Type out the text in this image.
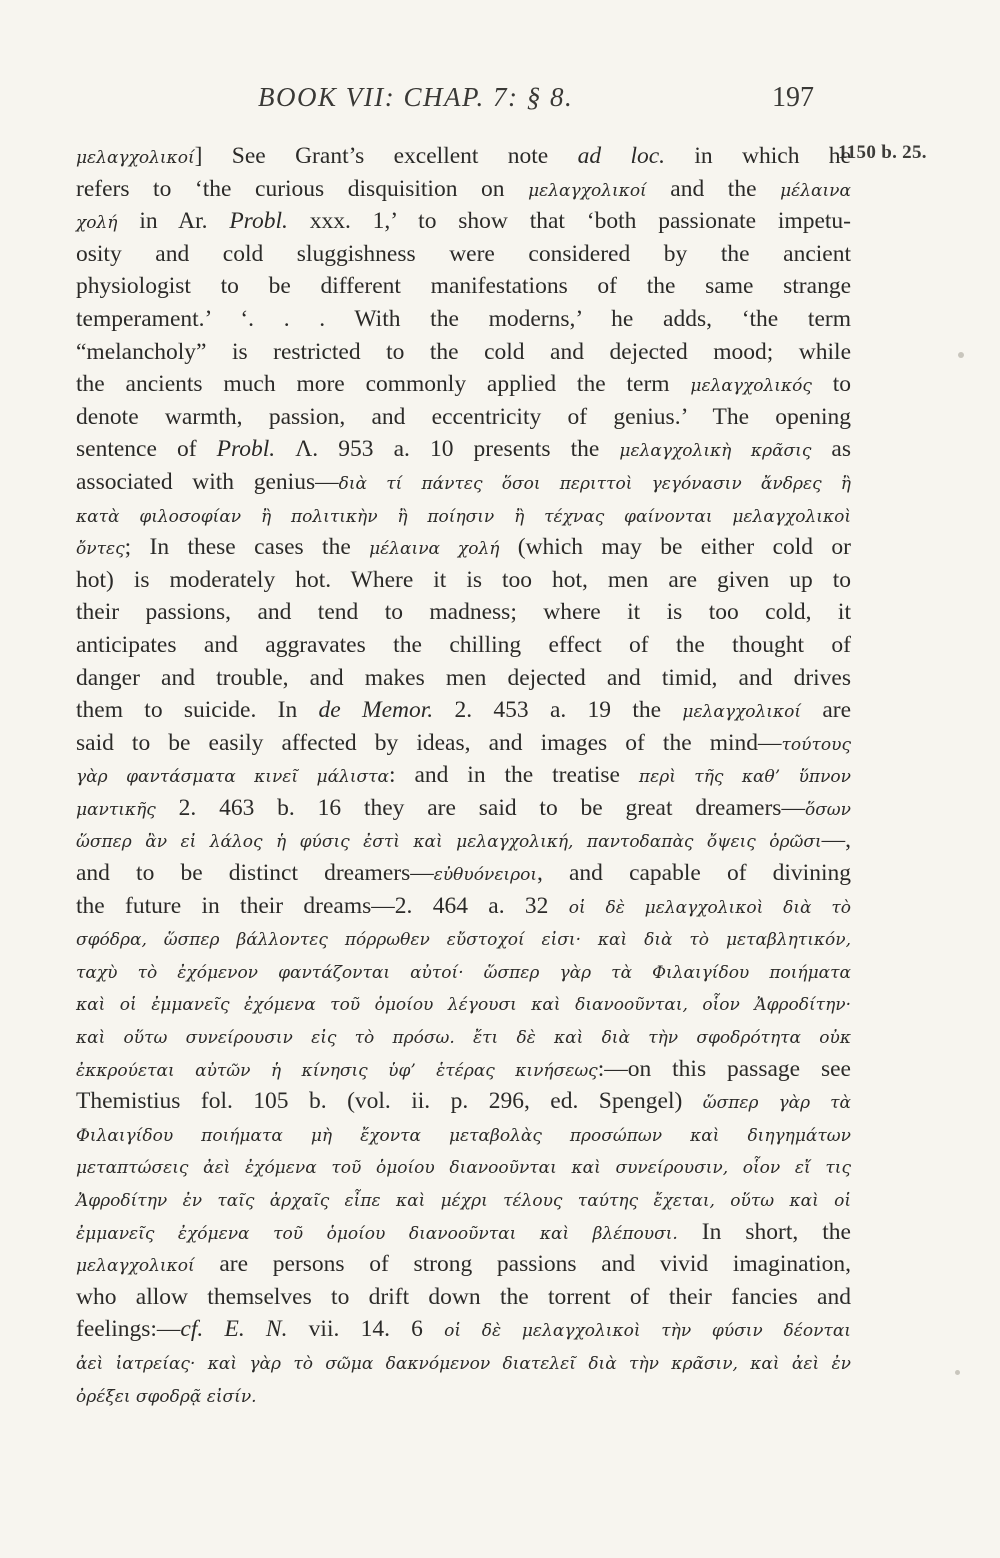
BOOK VII: CHAP. 7: § 8.	197
1150 b. 25.
μελαγχολικοί] See Grant’s excellent note ad loc. in which he
refers to ‘the curious disquisition on μελαγχολικοί and the μέλαινα
χολή in Ar. Probl. xxx. 1,’ to show that ‘both passionate impetu-
osity and cold sluggishness were considered by the ancient
physiologist to be different manifestations of the same strange
temperament.’ ‘. . . With the moderns,’ he adds, ‘the term
“melancholy” is restricted to the cold and dejected mood; while
the ancients much more commonly applied the term μελαγχολικός to
denote warmth, passion, and eccentricity of genius.’ The opening
sentence of Probl. Λ. 953 a. 10 presents the μελαγχολικὴ κρᾶσις as
associated with genius—διὰ τί πάντες ὅσοι περιττοὶ γεγόνασιν ἄνδρες ἢ
κατὰ φιλοσοφίαν ἢ πολιτικὴν ἢ ποίησιν ἢ τέχνας φαίνονται μελαγχολικοὶ
ὄντες; In these cases the μέλαινα χολή (which may be either cold or
hot) is moderately hot. Where it is too hot, men are given up to
their passions, and tend to madness; where it is too cold, it
anticipates and aggravates the chilling effect of the thought of
danger and trouble, and makes men dejected and timid, and drives
them to suicide. In de Memor. 2. 453 a. 19 the μελαγχολικοί are
said to be easily affected by ideas, and images of the mind—τούτους
γὰρ φαντάσματα κινεῖ μάλιστα: and in the treatise περὶ τῆς καθ’ ὕπνον
μαντικῆς 2. 463 b. 16 they are said to be great dreamers—ὅσων
ὥσπερ ἂν εἰ λάλος ἡ φύσις ἐστὶ καὶ μελαγχολική, παντοδαπὰς ὄψεις ὁρῶσι—,
and to be distinct dreamers—εὐθυόνειροι, and capable of divining
the future in their dreams—2. 464 a. 32 οἱ δὲ μελαγχολικοὶ διὰ τὸ
σφόδρα, ὥσπερ βάλλοντες πόρρωθεν εὔστοχοί εἰσι· καὶ διὰ τὸ μεταβλητικόν,
ταχὺ τὸ ἐχόμενον φαντάζονται αὐτοί· ὥσπερ γὰρ τὰ Φιλαιγίδου ποιήματα
καὶ οἱ ἐμμανεῖς ἐχόμενα τοῦ ὁμοίου λέγουσι καὶ διανοοῦνται, οἷον Ἀφροδίτην·
καὶ οὕτω συνείρουσιν εἰς τὸ πρόσω. ἔτι δὲ καὶ διὰ τὴν σφοδρότητα οὐκ
ἐκκρούεται αὐτῶν ἡ κίνησις ὑφ’ ἑτέρας κινήσεως:—on this passage see
Themistius fol. 105 b. (vol. ii. p. 296, ed. Spengel) ὥσπερ γὰρ τὰ
Φιλαιγίδου ποιήματα μὴ ἔχοντα μεταβολὰς προσώπων καὶ διηγημάτων
μεταπτώσεις ἀεὶ ἐχόμενα τοῦ ὁμοίου διανοοῦνται καὶ συνείρουσιν, οἷον εἴ τις
Ἀφροδίτην ἐν ταῖς ἀρχαῖς εἶπε καὶ μέχρι τέλους ταύτης ἔχεται, οὕτω καὶ οἱ
ἐμμανεῖς ἐχόμενα τοῦ ὁμοίου διανοοῦνται καὶ βλέπουσι. In short, the
μελαγχολικοί are persons of strong passions and vivid imagination,
who allow themselves to drift down the torrent of their fancies and
feelings:—cf. E. N. vii. 14. 6 οἱ δὲ μελαγχολικοὶ τὴν φύσιν δέονται
ἀεὶ ἰατρείας· καὶ γὰρ τὸ σῶμα δακνόμενον διατελεῖ διὰ τὴν κρᾶσιν, καὶ ἀεὶ ἐν
ὀρέξει σφοδρᾷ εἰσίν.
